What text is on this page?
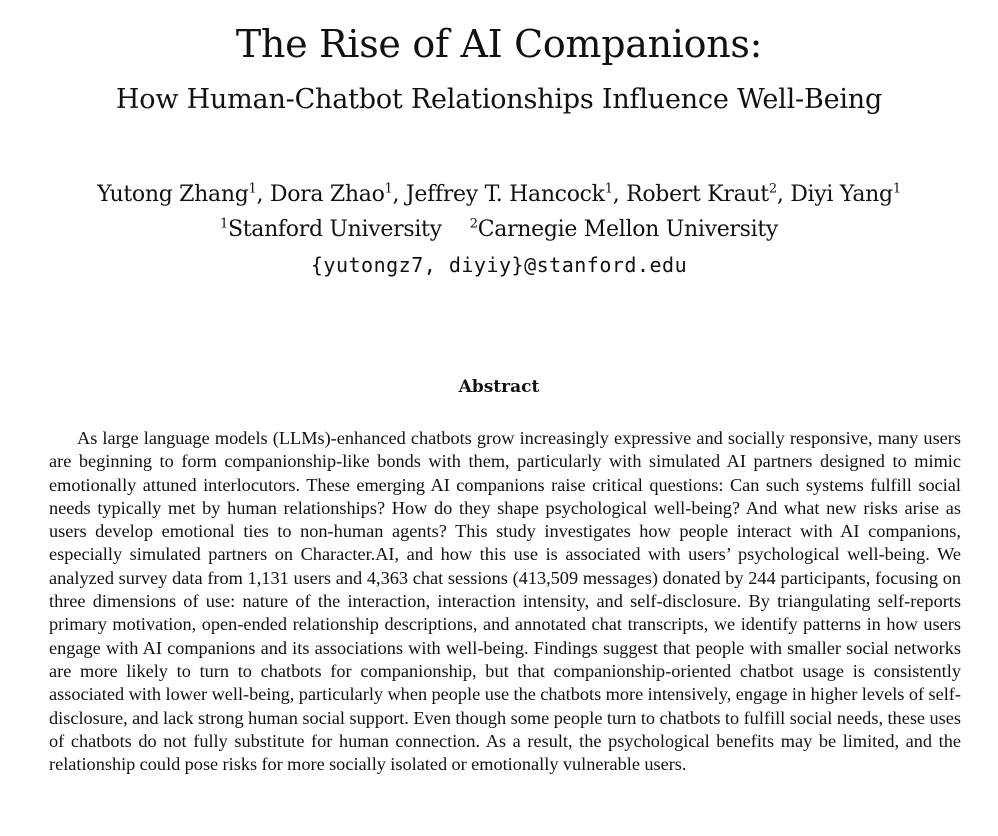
The Rise of AI Companions:
How Human-Chatbot Relationships Influence Well-Being
Yutong Zhang$^1$, Dora Zhao$^1$, Jeffrey T. Hancock$^1$, Robert Kraut$^2$, Diyi Yang$^1$
$^1$Stanford University $^2$Carnegie Mellon University
{yutongz7, diyiy}@stanford.edu
Abstract
As large language models (LLMs)-enhanced chatbots grow increasingly expressive and socially responsive, many users are beginning to form companionship-like bonds with them, particularly with simulated AI partners designed to mimic emotionally attuned interlocutors. These emerging AI companions raise critical questions: Can such systems fulfill social needs typically met by human relationships? How do they shape psychological well-being? And what new risks arise as users develop emotional ties to non-human agents? This study investigates how people interact with AI companions, especially simulated partners on Character.AI, and how this use is associated with users’ psychological well-being. We analyzed survey data from 1,131 users and 4,363 chat sessions (413,509 messages) donated by 244 participants, focusing on three dimensions of use: nature of the interaction, interaction intensity, and self-disclosure. By triangulating self-reports primary motivation, open-ended relationship descriptions, and annotated chat transcripts, we identify patterns in how users engage with AI companions and its associations with well-being. Findings suggest that people with smaller social networks are more likely to turn to chatbots for companionship, but that companionship-oriented chatbot usage is consistently associated with lower well-being, particularly when people use the chatbots more intensively, engage in higher levels of self-disclosure, and lack strong human social support. Even though some people turn to chatbots to fulfill social needs, these uses of chatbots do not fully substitute for human connection. As a result, the psychological benefits may be limited, and the relationship could pose risks for more socially isolated or emotionally vulnerable users.
